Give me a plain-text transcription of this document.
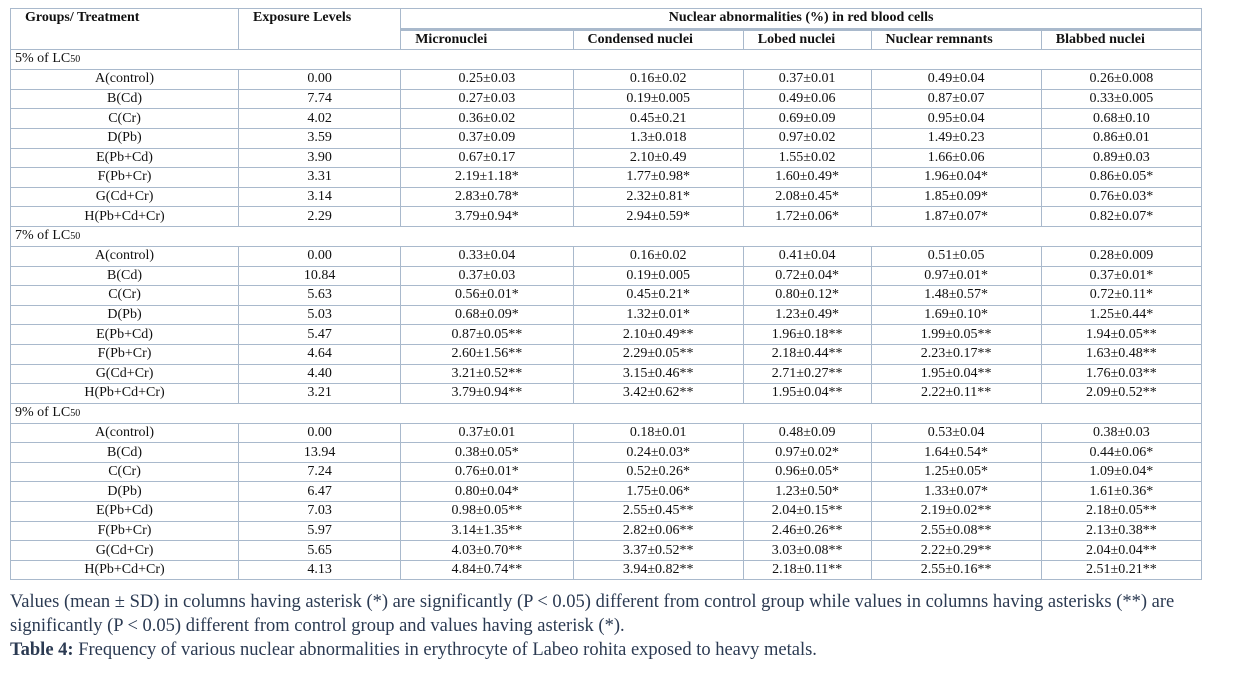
Groups/ Treatment	Exposure Levels	Nuclear abnormalities (%) in red blood cells				
		Micronuclei	Condensed nuclei	Lobed nuclei	Nuclear remnants	Blabbed nuclei
5% of LC50						
A(control)	0.00	0.25±0.03	0.16±0.02	0.37±0.01	0.49±0.04	0.26±0.008
B(Cd)	7.74	0.27±0.03	0.19±0.005	0.49±0.06	0.87±0.07	0.33±0.005
C(Cr)	4.02	0.36±0.02	0.45±0.21	0.69±0.09	0.95±0.04	0.68±0.10
D(Pb)	3.59	0.37±0.09	1.3±0.018	0.97±0.02	1.49±0.23	0.86±0.01
E(Pb+Cd)	3.90	0.67±0.17	2.10±0.49	1.55±0.02	1.66±0.06	0.89±0.03
F(Pb+Cr)	3.31	2.19±1.18*	1.77±0.98*	1.60±0.49*	1.96±0.04*	0.86±0.05*
G(Cd+Cr)	3.14	2.83±0.78*	2.32±0.81*	2.08±0.45*	1.85±0.09*	0.76±0.03*
H(Pb+Cd+Cr)	2.29	3.79±0.94*	2.94±0.59*	1.72±0.06*	1.87±0.07*	0.82±0.07*
7% of LC50						
A(control)	0.00	0.33±0.04	0.16±0.02	0.41±0.04	0.51±0.05	0.28±0.009
B(Cd)	10.84	0.37±0.03	0.19±0.005	0.72±0.04*	0.97±0.01*	0.37±0.01*
C(Cr)	5.63	0.56±0.01*	0.45±0.21*	0.80±0.12*	1.48±0.57*	0.72±0.11*
D(Pb)	5.03	0.68±0.09*	1.32±0.01*	1.23±0.49*	1.69±0.10*	1.25±0.44*
E(Pb+Cd)	5.47	0.87±0.05**	2.10±0.49**	1.96±0.18**	1.99±0.05**	1.94±0.05**
F(Pb+Cr)	4.64	2.60±1.56**	2.29±0.05**	2.18±0.44**	2.23±0.17**	1.63±0.48**
G(Cd+Cr)	4.40	3.21±0.52**	3.15±0.46**	2.71±0.27**	1.95±0.04**	1.76±0.03**
H(Pb+Cd+Cr)	3.21	3.79±0.94**	3.42±0.62**	1.95±0.04**	2.22±0.11**	2.09±0.52**
9% of LC50						
A(control)	0.00	0.37±0.01	0.18±0.01	0.48±0.09	0.53±0.04	0.38±0.03
B(Cd)	13.94	0.38±0.05*	0.24±0.03*	0.97±0.02*	1.64±0.54*	0.44±0.06*
C(Cr)	7.24	0.76±0.01*	0.52±0.26*	0.96±0.05*	1.25±0.05*	1.09±0.04*
D(Pb)	6.47	0.80±0.04*	1.75±0.06*	1.23±0.50*	1.33±0.07*	1.61±0.36*
E(Pb+Cd)	7.03	0.98±0.05**	2.55±0.45**	2.04±0.15**	2.19±0.02**	2.18±0.05**
F(Pb+Cr)	5.97	3.14±1.35**	2.82±0.06**	2.46±0.26**	2.55±0.08**	2.13±0.38**
G(Cd+Cr)	5.65	4.03±0.70**	3.37±0.52**	3.03±0.08**	2.22±0.29**	2.04±0.04**
H(Pb+Cd+Cr)	4.13	4.84±0.74**	3.94±0.82**	2.18±0.11**	2.55±0.16**	2.51±0.21**

Values (mean ± SD) in columns having asterisk (*) are significantly (P < 0.05) different from control group while values in columns having asterisks (**) are significantly (P < 0.05) different from control group and values having asterisk (*).

Table 4: Frequency of various nuclear abnormalities in erythrocyte of Labeo rohita exposed to heavy metals.
